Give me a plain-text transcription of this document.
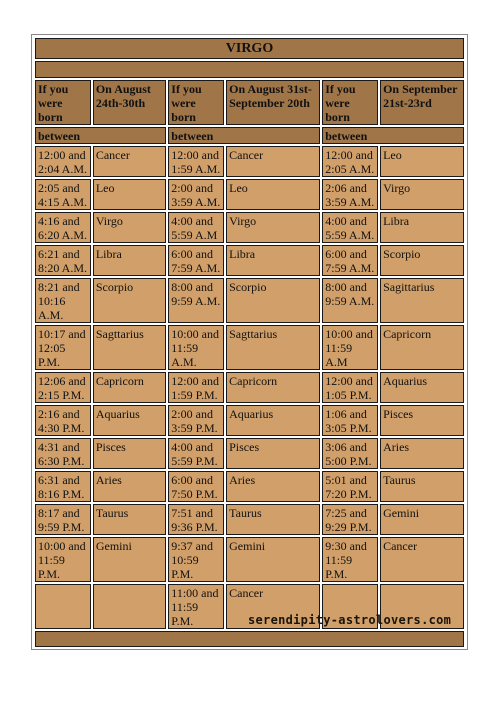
VIRGO					

If you were born	On August 24th-30th	If you were born	On August 31st-September 20th	If you were born	On September 21st-23rd
between		between		between	
12:00 and 2:04 A.M.	Cancer	12:00 and 1:59 A.M.	Cancer	12:00 and 2:05 A.M.	Leo
2:05 and 4:15 A.M.	Leo	2:00 and 3:59 A.M.	Leo	2:06 and 3:59 A.M.	Virgo
4:16 and 6:20 A.M.	Virgo	4:00 and 5:59 A.M	Virgo	4:00 and 5:59 A.M.	Libra
6:21 and 8:20 A.M.	Libra	6:00 and 7:59 A.M.	Libra	6:00 and 7:59 A.M.	Scorpio
8:21 and 10:16 A.M.	Scorpio	8:00 and 9:59 A.M.	Scorpio	8:00 and 9:59 A.M.	Sagittarius
10:17 and 12:05 P.M.	Sagttarius	10:00 and 11:59 A.M.	Sagttarius	10:00 and 11:59 A.M	Capricorn
12:06 and 2:15 P.M.	Capricorn	12:00 and 1:59 P.M.	Capricorn	12:00 and 1:05 P.M.	Aquarius
2:16 and 4:30 P.M.	Aquarius	2:00 and 3:59 P.M.	Aquarius	1:06 and 3:05 P.M.	Pisces
4:31 and 6:30 P.M.	Pisces	4:00 and 5:59 P.M.	Pisces	3:06 and 5:00 P.M.	Aries
6:31 and 8:16 P.M.	Aries	6:00 and 7:50 P.M.	Aries	5:01 and 7:20 P.M.	Taurus
8:17 and 9:59 P.M.	Taurus	7:51 and 9:36 P.M.	Taurus	7:25 and 9:29 P.M.	Gemini
10:00 and 11:59 P.M.	Gemini	9:37 and 10:59 P.M.	Gemini	9:30 and 11:59 P.M.	Cancer
		11:00 and 11:59 P.M.	Cancer		

serendipity-astrolovers.com
